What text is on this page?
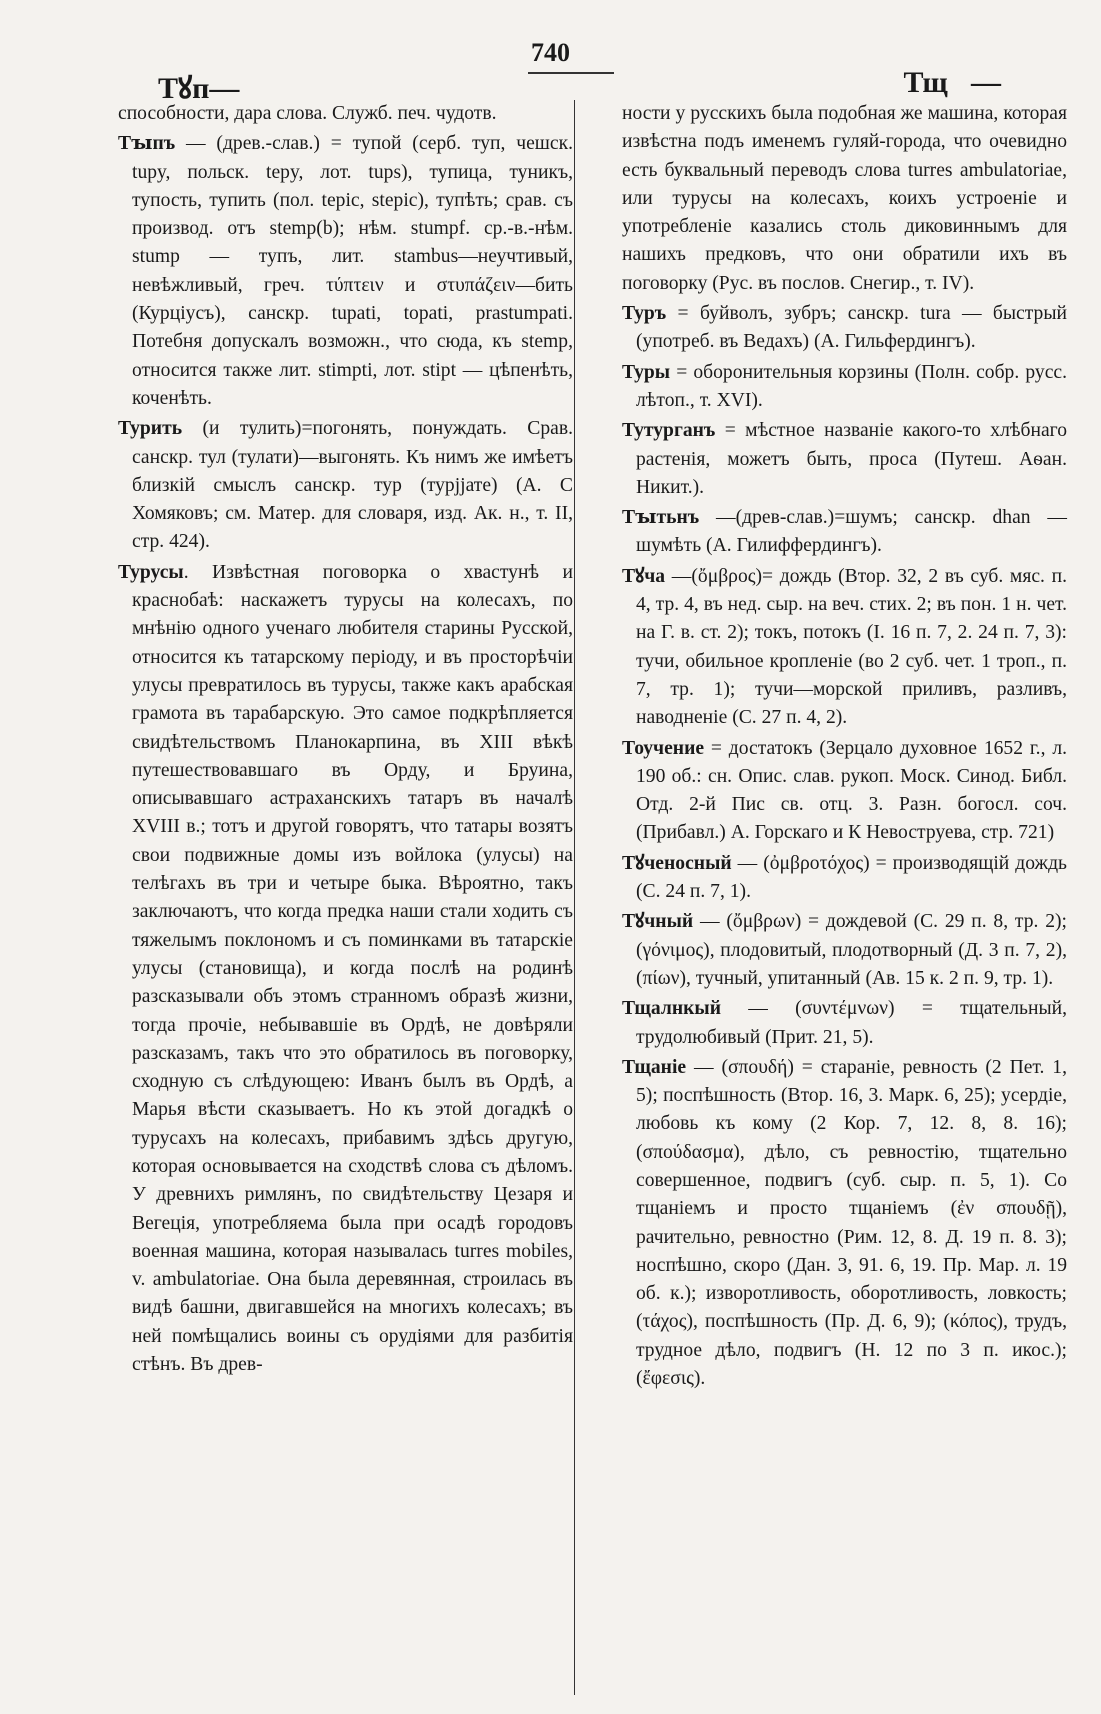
Тꙋп—
740
Тщⷶ—

способности, дара слова. Служб. печ. чудотв.

Тꙑпъ — (древ.-слав.) = тупой (серб. туп, чешск. tupy, польск. tepy, лот. tups), тупица, туникъ, тупость, тупить (пол. tepic, stepic), тупѣть; срав. съ производ. отъ stemp(b); нѣм. stumpf. ср.-в.-нѣм. stump — тупъ, лит. stambus—неучтивый, невѣжливый, греч. τύπτειν и στυπάζειν—бить (Курціусъ), санскр. tupati, topati, prastumpati. Потебня допускалъ возможн., что сюда, къ stemp, относится также лит. stimpti, лот. stipt — цѣпенѣть, коченѣть.

Турить (и тулить)=погонять, понуждать. Срав. санскр. тул (тулати)—выгонять. Къ нимъ же имѣетъ близкій смыслъ санскр. тур (турjjате) (А. С Хомяковъ; см. Матер. для словаря, изд. Ак. н., т. II, стр. 424).

Турусы. Извѣстная поговорка о хвастунѣ и краснобаѣ: наскажетъ турусы на колесахъ, по мнѣнію одного ученаго любителя старины Русской, относится къ татарскому періоду, и въ просторѣчіи улусы превратилось въ турусы, также какъ арабская грамота въ тарабарскую. Это самое подкрѣпляется свидѣтельствомъ Планокарпина, въ XIII вѣкѣ путешествовавшаго въ Орду, и Бруина, описывавшаго астраханскихъ татаръ въ началѣ XVIII в.; тотъ и другой говорятъ, что татары возятъ свои подвижные домы изъ войлока (улусы) на телѣгахъ въ три и четыре быка. Вѣроятно, такъ заключаютъ, что когда предка наши стали ходить съ тяжелымъ поклономъ и съ поминками въ татарскіе улусы (становища), и когда послѣ на родинѣ разсказывали объ этомъ странномъ образѣ жизни, тогда прочіе, небывавшіе въ Ордѣ, не довѣряли разсказамъ, такъ что это обратилось въ поговорку, сходную съ слѣдующею: Иванъ былъ въ Ордѣ, а Марья вѣсти сказываетъ. Но къ этой догадкѣ о турусахъ на колесахъ, прибавимъ здѣсь другую, которая основывается на сходствѣ слова съ дѣломъ. У древнихъ римлянъ, по свидѣтельству Цезаря и Вегеція, употребляема была при осадѣ городовъ военная машина, которая называлась turres mobiles, v. ambulatoriae. Она была деревянная, строилась въ видѣ башни, двигавшейся на многихъ колесахъ; въ ней помѣщались воины съ орудіями для разбитія стѣнъ. Въ древ-

ности у русскихъ была подобная же машина, которая извѣстна подъ именемъ гуляй-города, что очевидно есть буквальный переводъ слова turres ambulatoriae, или турусы на колесахъ, коихъ устроеніе и употребленіе казались столь диковиннымъ для нашихъ предковъ, что они обратили ихъ въ поговорку (Рус. въ послов. Снегир., т. IV).

Туръ = буйволъ, зубръ; санскр. tura — быстрый (употреб. въ Ведахъ) (А. Гильфердингъ).

Туры = оборонительныя корзины (Полн. собр. русс. лѣтоп., т. XVI).

Тутурганъ = мѣстное названіе какого-то хлѣбнаго растенія, можетъ быть, проса (Путеш. Аѳан. Никит.).

Тꙑтьнъ —(древ-слав.)=шумъ; санскр. dhan — шумѣть (А. Гилиффердингъ).

Тꙋча —(ὄμβρος)= дождь (Втор. 32, 2 въ суб. мяс. п. 4, тр. 4, въ нед. сыр. на веч. стих. 2; въ пон. 1 н. чет. на Г. в. ст. 2); токъ, потокъ (І. 16 п. 7, 2. 24 п. 7, 3): тучи, обильное кропленіе (во 2 суб. чет. 1 троп., п. 7, тр. 1); тучи—морской приливъ, разливъ, наводненіе (С. 27 п. 4, 2).

Тоучение = достатокъ (Зерцало духовное 1652 г., л. 190 об.: сн. Опис. слав. рукоп. Моск. Синод. Библ. Отд. 2-й Пис св. отц. 3. Разн. богосл. соч. (Прибавл.) А. Горскаго и К Невоструева, стр. 721)

Тꙋченосный — (ὀμβροτόχος) = производящій дождь (С. 24 п. 7, 1).

Тꙋчный — (ὄμβρων) = дождевой (С. 29 п. 8, тр. 2); (γόνιμος), плодовитый, плодотворный (Д. 3 п. 7, 2), (πίων), тучный, упитанный (Ав. 15 к. 2 п. 9, тр. 1).

Тщалнкый — (συντέμνων) = тщательный, трудолюбивый (Прит. 21, 5).

Тщаніе — (σπουδή) = стараніе, ревность (2 Пет. 1, 5); поспѣшность (Втор. 16, 3. Марк. 6, 25); усердіе, любовь къ кому (2 Кор. 7, 12. 8, 8. 16); (σπούδασμα), дѣло, съ ревностію, тщательно совершенное, подвигъ (суб. сыр. п. 5, 1). Со тщаніемъ и просто тщаніемъ (ἐν σπουδῇ), рачительно, ревностно (Рим. 12, 8. Д. 19 п. 8. 3); носпѣшно, скоро (Дан. 3, 91. 6, 19. Пр. Мар. л. 19 об. к.); изворотливость, оборотливость, ловкость; (τάχος), поспѣшность (Пр. Д. 6, 9); (κόπος), трудъ, трудное дѣло, подвигъ (Н. 12 по 3 п. икос.); (ἔφεσις).
